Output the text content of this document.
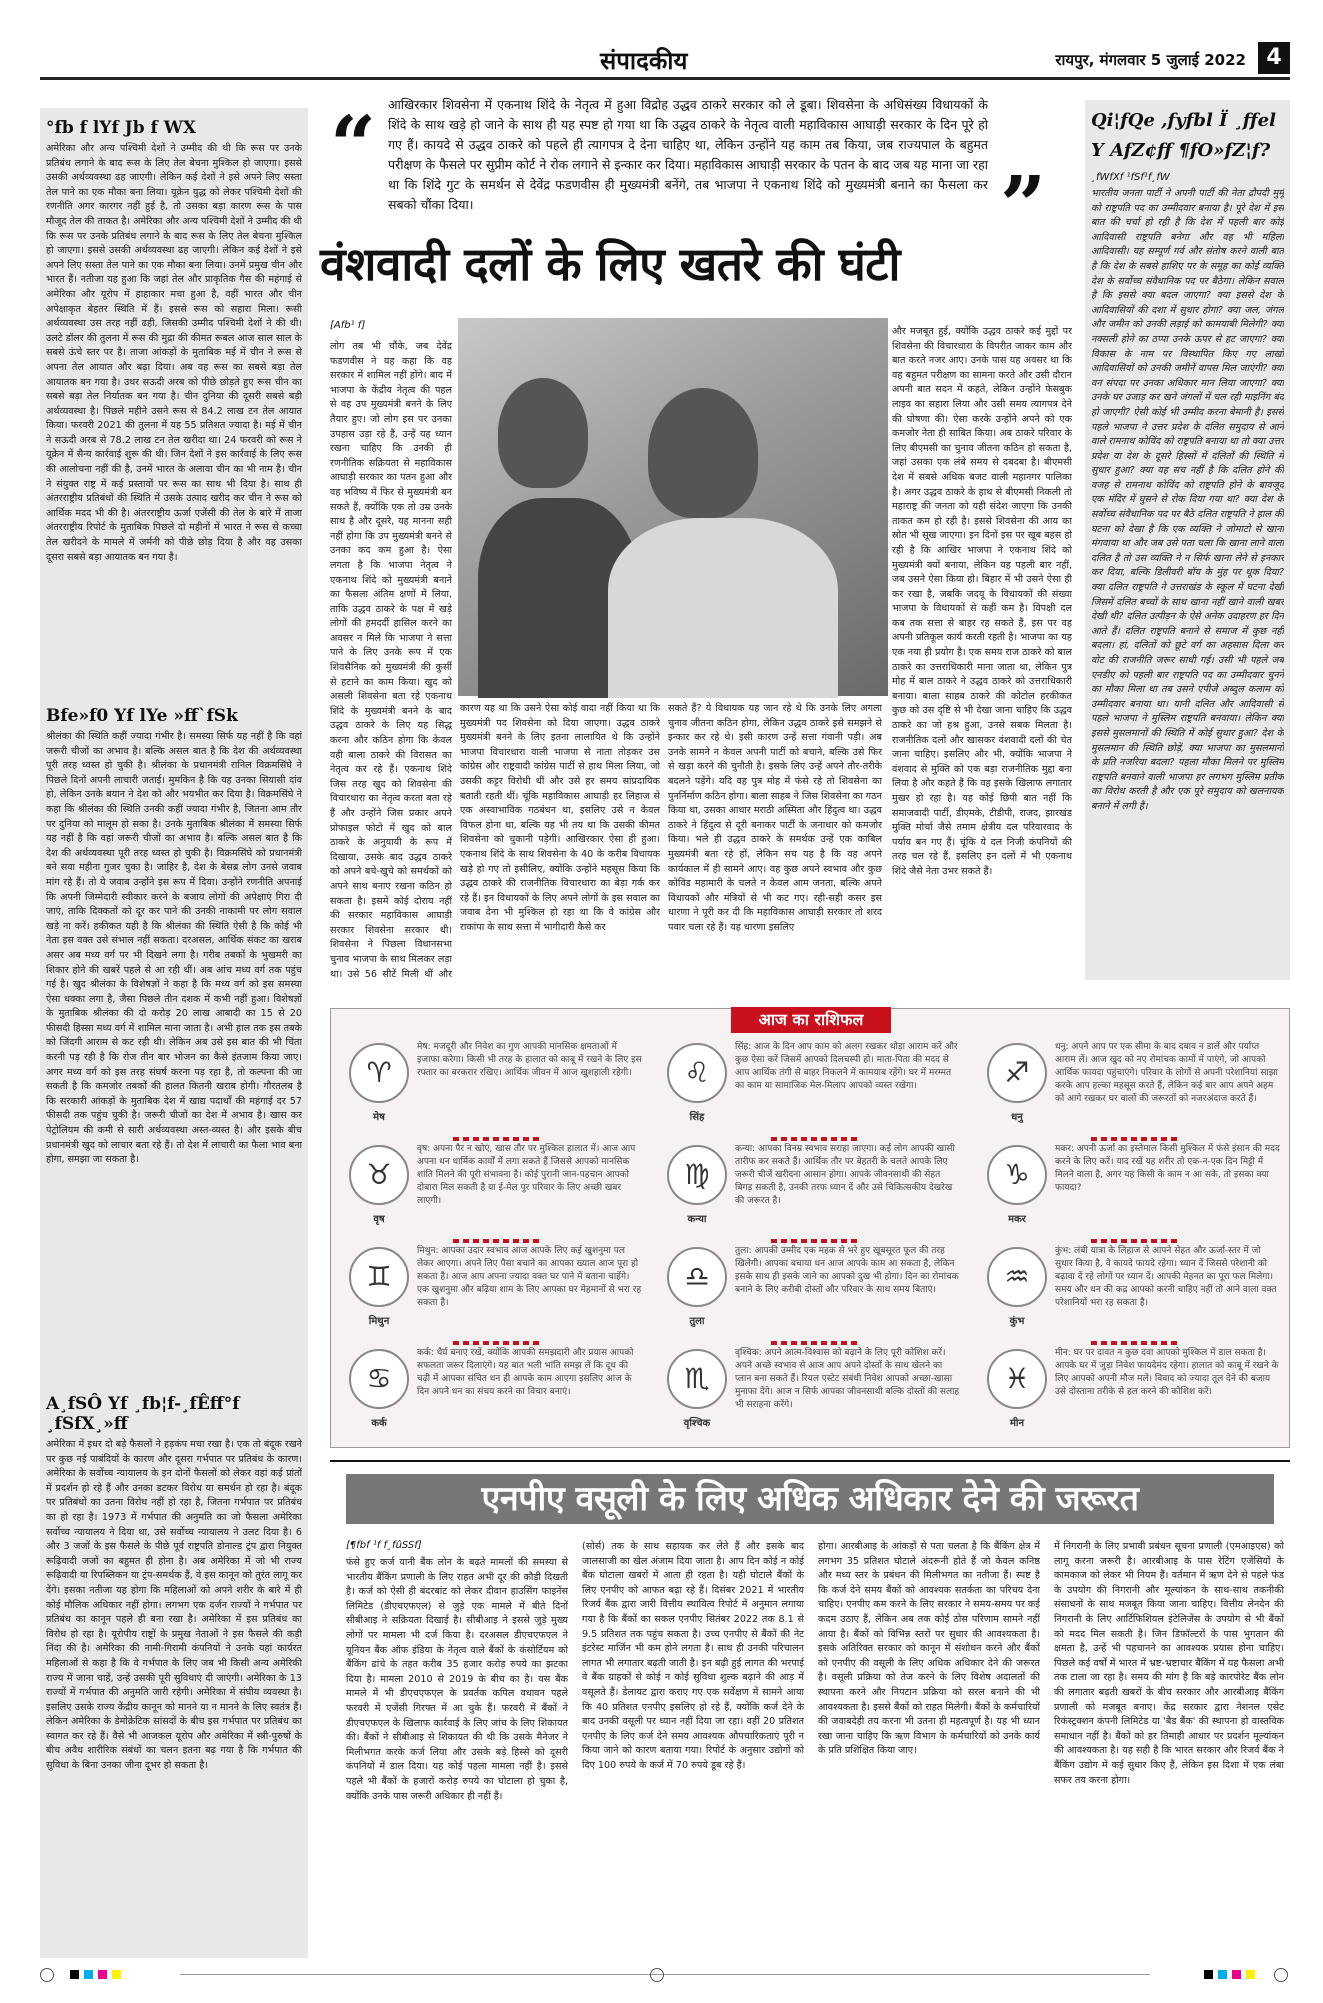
संपादकीय	रायपुर, मंगलवार 5 जुलाई 2022 4
°fb f lYf Jb f WX
अमेरिका और अन्य पश्चिमी देशों ने उम्मीद की थी कि रूस पर उनके प्रतिबंध लगाने के बाद रूस के लिए तेल बेचना मुश्किल हो जाएगा। इससे उसकी अर्थव्यवस्था ढह जाएगी। लेकिन कई देशों ने इसे अपने लिए सस्ता तेल पाने का एक मौका बना लिया। यूक्रेन युद्ध को लेकर पश्चिमी देशों की रणनीति अगर कारगर नहीं हुई है, तो उसका बड़ा कारण रूस के पास मौजूद तेल की ताकत है। अमेरिका और अन्य पश्चिमी देशों ने उम्मीद की थी कि रूस पर उनके प्रतिबंध लगाने के बाद रूस के लिए तेल बेचना मुश्किल हो जाएगा। इससे उसकी अर्थव्यवस्था ढह जाएगी। लेकिन कई देशों ने इसे अपने लिए सस्ता तेल पाने का एक मौका बना लिया। उनमें प्रमुख चीन और भारत हैं। नतीजा यह हुआ कि जहां तेल और प्राकृतिक गैस की महंगाई से अमेरिका और यूरोप में हाहाकार मचा हुआ है, वहीं भारत और चीन अपेक्षाकृत बेहतर स्थिति में हैं। इससे रूस को सहारा मिला। रूसी अर्थव्यवस्था उस तरह नहीं ढही, जिसकी उम्मीद पश्चिमी देशों ने की थी। उलटे डॉलर की तुलना में रूस की मुद्रा की कीमत रूबल आज साल साल के सबसे ऊंचे स्तर पर है। ताजा आंकड़ों के मुताबिक मई में चीन ने रूस से अपना तेल आयात और बढ़ा दिया। अब वह रूस का सबसे बड़ा तेल आयातक बन गया है। उधर सऊदी अरब को पीछे छोड़ते हुए रूस चीन का सबसे बड़ा तेल निर्यातक बन गया है। चीन दुनिया की दूसरी सबसे बड़ी अर्थव्यवस्था है। पिछले महीने उसने रूस से 84.2 लाख टन तेल आयात किया। फरवरी 2021 की तुलना में यह 55 प्रतिशत ज्यादा है। मई में चीन ने सऊदी अरब से 78.2 लाख टन तेल खरीदा था। 24 फरवरी को रूस ने यूक्रेन में सैन्य कार्रवाई शुरू की थी। जिन देशों ने इस कार्रवाई के लिए रूस की आलोचना नहीं की है, उनमें भारत के अलावा चीन का भी नाम है। चीन ने संयुक्त राष्ट्र में कई प्रस्तावों पर रूस का साथ भी दिया है। साथ ही अंतरराष्ट्रीय प्रतिबंधों की स्थिति में उसके उत्पाद खरीद कर चीन ने रूस को आर्थिक मदद भी की है। अंतरराष्ट्रीय ऊर्जा एजेंसी की तेल के बारे में ताजा अंतरराष्ट्रीय रिपोर्ट के मुताबिक पिछले दो महीनों में भारत ने रूस से कच्चा तेल खरीदने के मामले में जर्मनी को पीछे छोड़ दिया है और वह उसका दूसरा सबसे बड़ा आयातक बन गया है।
Bfe»f0 Yf lYe »ff`fSk
श्रीलंका की स्थिति कहीं ज्यादा गंभीर है। समस्या सिर्फ यह नहीं है कि वहां जरूरी चीजों का अभाव है। बल्कि असल बात है कि देश की अर्थव्यवस्था पूरी तरह ध्वस्त हो चुकी है। श्रीलंका के प्रधानमंत्री रानिल विक्रमसिंघे ने पिछले दिनों अपनी लाचारी जताई। मुमकिन है कि यह उनका सियासी दांव हो, लेकिन उनके बयान ने देश को और भयभीत कर दिया है। विक्रमसिंघे ने कहा कि श्रीलंका की स्थिति उनकी कहीं ज्यादा गंभीर है, जितना आम तौर पर दुनिया को मालूम हो सका है। उनके मुताबिक श्रीलंका में समस्या सिर्फ यह नहीं है कि वहां जरूरी चीजों का अभाव है। बल्कि असल बात है कि देश की अर्थव्यवस्था पूरी तरह ध्वस्त हो चुकी है। विक्रमसिंघे को प्रधानमंत्री बने सवा महीना गुजर चुका है। जाहिर है, देश के बेसब्र लोग उनसे जवाब मांग रहे हैं। तो ये जवाब उन्होंने इस रूप में दिया। उन्होंने रणनीति अपनाई कि अपनी जिम्मेदारी स्वीकार करने के बजाय लोगों की अपेक्षाएं गिरा दी जाएं, ताकि दिक्कतों को दूर कर पाने की उनकी नाकामी पर लोग सवाल खड़े ना करें। हकीकत यही है कि श्रीलंका की स्थिति ऐसी है कि कोई भी नेता इस वक्त उसे संभाल नहीं सकता। दरअसल, आर्थिक संकट का खराब असर अब मध्य वर्ग पर भी दिखने लगा है। गरीब तबकों के भुखमरी का शिकार होने की खबरें पहले से आ रही थीं। अब आंच मध्य वर्ग तक पहुंच गई है। खुद श्रीलंका के विशेषज्ञों ने कहा है कि मध्य वर्ग को इस समस्या ऐसा धक्का लगा है, जैसा पिछले तीन दशक में कभी नहीं हुआ। विशेषज्ञों के मुताबिक श्रीलंका की दो करोड़ 20 लाख आबादी का 15 से 20 फीसदी हिस्सा मध्य वर्ग में शामिल माना जाता है। अभी हाल तक इस तबके को जिंदगी आराम से कट रही थी। लेकिन अब उसे इस बात की भी चिंता करनी पड़ रही है कि रोज तीन बार भोजन का कैसे इंतजाम किया जाए। अगर मध्य वर्ग को इस तरह संघर्ष करना पड़ रहा है, तो कल्पना की जा सकती है कि कमजोर तबकों की हालत कितनी खराब होगी। गौरतलब है कि सरकारी आंकड़ों के मुताबिक देश में खाद्य पदार्थों की महंगाई दर 57 फीसदी तक पहुंच चुकी है। जरूरी चीजों का देश में अभाव है। खास कर पेट्रोलियम की कमी से सारी अर्थव्यवस्था अस्त-व्यस्त है। और इसके बीच प्रधानमंत्री खुद को लाचार बता रहे हैं। तो देश में लाचारी का फैला भाव बना होगा, समझा जा सकता है।
A¸fSÔ Yf ¸fb¦f-¸fÊff°f ¸fSfX¸»ff
अमेरिका में इधर दो बड़े फैसलों ने हड़कंप मचा रखा है। एक तो बंदूक रखने पर कुछ नई पाबंदियों के कारण और दूसरा गर्भपात पर प्रतिबंध के कारण। अमेरिका के सर्वोच्च न्यायालय के इन दोनों फैसलों को लेकर वहां कई प्रांतों में प्रदर्शन हो रहे हैं और उनका डटकर विरोध या समर्थन हो रहा है। बंदूक पर प्रतिबंधों का उतना विरोध नहीं हो रहा है, जितना गर्भपात पर प्रतिबंध का हो रहा है। 1973 में गर्भपात की अनुमति का जो फैसला अमेरिका सर्वोच्च न्यायालय ने दिया था, उसे सर्वोच्च न्यायालय ने उलट दिया है। 6 और 3 जजों के इस फैसले के पीछे पूर्व राष्ट्रपति डोनाल्ड ट्रंप द्वारा नियुक्त रूढ़िवादी जजों का बहुमत ही होना है। अब अमेरिका में जो भी राज्य रूढ़िवादी या रिपब्लिकन या ट्रंप-समर्थक हैं, वे इस कानून को तुरंत लागू कर देंगे। इसका नतीजा यह होगा कि महिलाओं को अपने शरीर के बारे में ही कोई मौलिक अधिकार नहीं होगा। लगभग एक दर्जन राज्यों ने गर्भपात पर प्रतिबंध का कानून पहले ही बना रखा है। अमेरिका में इस प्रतिबंध का विरोध हो रहा है। यूरोपीय राष्ट्रों के प्रमुख नेताओं ने इस फैसले की कड़ी निंदा की है। अमेरिका की नामी-गिरामी कंपनियों ने उनके यहां कार्यरत महिलाओं से कहा है कि वे गर्भपात के लिए जब भी किसी अन्य अमेरिकी राज्य में जाना चाहें, उन्हें उसकी पूरी सुविधाएं दी जाएंगी। अमेरिका के 13 राज्यों में गर्भपात की अनुमति जारी रहेगी। अमेरिका में संघीय व्यवस्था है। इसलिए उसके राज्य केंद्रीय कानून को मानने या न मानने के लिए स्वतंत्र हैं। लेकिन अमेरिका के डेमोक्रेटिक सांसदों के बीच इस गर्भपात पर प्रतिबंध का स्वागत कर रहे हैं। वैसे भी आजकल यूरोप और अमेरिका में स्त्री-पुरुषों के बीच अवैध शारीरिक संबंधों का चलन इतना बढ़ गया है कि गर्भपात की सुविधा के बिना उनका जीना दूभर हो सकता है।
“ आखिरकार शिवसेना में एकनाथ शिंदे के नेतृत्व में हुआ विद्रोह उद्धव ठाकरे सरकार को ले डूबा। शिवसेना के अधिसंख्य विधायकों के शिंदे के साथ खड़े हो जाने के साथ ही यह स्पष्ट हो गया था कि उद्धव ठाकरे के नेतृत्व वाली महाविकास आघाड़ी सरकार के दिन पूरे हो गए हैं। कायदे से उद्धव ठाकरे को पहले ही त्यागपत्र दे देना चाहिए था, लेकिन उन्होंने यह काम तब किया, जब राज्यपाल के बहुमत परीक्षण के फैसले पर सुप्रीम कोर्ट ने रोक लगाने से इन्कार कर दिया। महाविकास आघाड़ी सरकार के पतन के बाद जब यह माना जा रहा था कि शिंदे गुट के समर्थन से देवेंद्र फडणवीस ही मुख्यमंत्री बनेंगे, तब भाजपा ने एकनाथ शिंदे को मुख्यमंत्री बनाने का फैसला कर सबको चौंका दिया।	”
वंशवादी दलों के लिए खतरे की घंटी
[Afb¹ f]
लोग तब भी चौंके, जब देवेंद्र फडणवीस ने यह कहा कि वह सरकार में शामिल नहीं होंगे। बाद में भाजपा के केंद्रीय नेतृत्व की पहल से वह उप मुख्यमंत्री बनने के लिए तैयार हुए। जो लोग इस पर उनका उपहास उड़ा रहे हैं, उन्हें यह ध्यान रखना चाहिए कि उनकी ही रणनीतिक सक्रियता से महाविकास आघाड़ी सरकार का पतन हुआ और वह भविष्य में फिर से मुख्यमंत्री बन सकते हैं, क्योंकि एक तो उम्र उनके साथ है और दूसरे, यह मानना सही नहीं होगा कि उप मुख्यमंत्री बनने से उनका कद कम हुआ है। ऐसा लगता है कि भाजपा नेतृत्व ने एकनाथ शिंदे को मुख्यमंत्री बनाने का फैसला अंतिम क्षणों में लिया, ताकि उद्धव ठाकरे के पक्ष में खड़े लोगों की हमदर्दी हासिल करने का अवसर न मिले कि भाजपा ने सत्ता पाने के लिए उनके रूप में एक शिवसैनिक को मुख्यमंत्री की कुर्सी से हटाने का काम किया। खुद को असली शिवसेना बता रहे एकनाथ शिंदे के मुख्यमंत्री बनने के बाद उद्धव ठाकरे के लिए यह सिद्ध करना और कठिन होगा कि केवल वही बाला ठाकरे की विरासत का नेतृत्व कर रहे हैं। एकनाथ शिंदे जिस तरह खुद को शिवसेना की विचारधारा का नेतृत्व करता बता रहे हैं और उन्होंने जिस प्रकार अपने प्रोफाइल फोटो में खुद को बाल ठाकरे के अनुयायी के रूप में दिखाया, उसके बाद उद्धव ठाकरे को अपने बचे-खुचे को समर्थकों को अपने साथ बनाए रखना कठिन हो सकता है। इसमें कोई दोराय नहीं की सरकार महाविकास आघाड़ी सरकार शिवसेना सरकार थी। शिवसेना ने पिछला विधानसभा चुनाव भाजपा के साथ मिलकर लड़ा था। उसे 56 सीटें मिली थीं और
कारण यह था कि उसने ऐसा कोई वादा नहीं किया था कि मुख्यमंत्री पद शिवसेना को दिया जाएगा। उद्धव ठाकरे मुख्यमंत्री बनने के लिए इतना लालायित थे कि उन्होंने भाजपा विचारधारा वाली भाजपा से नाता तोड़कर उस कांग्रेस और राष्ट्रवादी कांग्रेस पार्टी से हाथ मिला लिया, जो उसकी कट्टर विरोधी थीं और उसे हर समय सांप्रदायिक बताती रहती थीं। चूंकि महाविकास आघाड़ी हर लिहाज से एक अस्वाभाविक गठबंधन था, इसलिए उसे न केवल विफल होना था, बल्कि यह भी तय था कि उसकी कीमत शिवसेना को चुकानी पड़ेगी। आखिरकार ऐसा ही हुआ। एकनाथ शिंदे के साथ शिवसेना के 40 के करीब विधायक खड़े हो गए तो इसीलिए, क्योंकि उन्होंने महसूस किया कि उद्धव ठाकरे की राजनीतिक विचारधारा का बेड़ा गर्क कर रहे हैं। इन विधायकों के लिए अपने लोगों के इस सवाल का जवाब देना भी मुश्किल हो रहा था कि वे कांग्रेस और राकांपा के साथ सत्ता में भागीदारी कैसे कर
सकते हैं? ये विधायक यह जान रहे थे कि उनके लिए अगला चुनाव जीतना कठिन होगा, लेकिन उद्धव ठाकरे इसे समझने से इन्कार कर रहे थे। इसी कारण उन्हें सत्ता गंवानी पड़ी। अब उनके सामने न केवल अपनी पार्टी को बचाने, बल्कि उसे फिर से खड़ा करने की चुनौती है। इसके लिए उन्हें अपने तौर-तरीके बदलने पड़ेंगे। यदि वह पुत्र मोह में फंसे रहे तो शिवसेना का पुनर्निर्माण कठिन होगा। बाला साहब ने जिस शिवसेना का गठन किया था, उसका आधार मराठी अस्मिता और हिंदुत्व था। उद्धव ठाकरे ने हिंदुत्व से दूरी बनाकर पार्टी के जनाधार को कमजोर किया। भले ही उद्धव ठाकरे के समर्थक उन्हें एक काबिल मुख्यमंत्री बता रहे हों, लेकिन सच यह है कि वह अपने कार्यकाल में ही सामने आए। वह कुछ अपने स्वभाव और कुछ कोविड महामारी के चलते न केवल आम जनता, बल्कि अपने विधायकों और मंत्रियों से भी कट गए। रही-सही कसर इस धारणा ने पूरी कर दी कि महाविकास आघाड़ी सरकार तो शरद पवार चला रहे हैं। यह धारणा इसलिए
और मजबूत हुई, क्योंकि उद्धव ठाकरे कई मुद्दों पर शिवसेना की विचारधारा के विपरीत जाकर काम और बात करते नजर आए। उनके पास यह अवसर था कि वह बहुमत परीक्षण का सामना करते और उसी दौरान अपनी बात सदन में कहते, लेकिन उन्होंने फेसबुक लाइव का सहारा लिया और उसी समय त्यागपत्र देने की घोषणा की। ऐसा करके उन्होंने अपने को एक कमजोर नेता ही साबित किया। अब ठाकरे परिवार के लिए बीएमसी का चुनाव जीतना कठिन हो सकता है, जहां उसका एक लंबे समय से दबदबा है। बीएमसी देश में सबसे अधिक बजट वाली महानगर पालिका है। अगर उद्धव ठाकरे के हाथ से बीएमसी निकली तो महाराष्ट्र की जनता को यही संदेश जाएगा कि उनकी ताकत कम हो रही है। इससे शिवसेना की आय का स्रोत भी सूख जाएगा। इन दिनों इस पर खूब बहस हो रही है कि आखिर भाजपा ने एकनाथ शिंदे को मुख्यमंत्री क्यों बनाया, लेकिन यह पहली बार नहीं, जब उसने ऐसा किया हो। बिहार में भी उसने ऐसा ही कर रखा है, जबकि जदयू के विधायकों की संख्या भाजपा के विधायकों से कहीं कम है। विपक्षी दल कब तक सत्ता से बाहर रह सकते हैं, इस पर वह अपनी प्रतिकूल कार्य करती रहती है। भाजपा का यह एक नया ही प्रयोग है। एक समय राज ठाकरे को बाल ठाकरे का उत्तराधिकारी माना जाता था, लेकिन पुत्र मोह में बाल ठाकरे ने उद्धव ठाकरे को उत्तराधिकारी बनाया। बाला साहब ठाकरे की कोटोल हरकीकत कुछ को उस दृष्टि से भी देखा जाना चाहिए कि उद्धव ठाकरे का जो हश्र हुआ, उनसे सबक मिलता है। राजनीतिक दलों और खासकर वंशवादी दलों की चेत जाना चाहिए। इसलिए और भी, क्योंकि भाजपा ने वंशवाद से मुक्ति को एक बड़ा राजनीतिक मुद्दा बना लिया है और कहते हैं कि वह इसके खिलाफ लगातार मुखर हो रहा है। यह कोई छिपी बात नहीं कि समाजवादी पार्टी, डीएमके, टीडीपी, राजद, झारखंड मुक्ति मोर्चा जैसे तमाम क्षेत्रीय दल परिवारवाद के पर्याय बन गए हैं। चूंकि ये दल निजी कंपनियों की तरह चल रहे हैं, इसलिए इन दलों में भी एकनाथ शिंदे जैसे नेता उभर सकते हैं।
Qi¦fQe ,fyfbl Ï ¸ffel Y AfZ¢ff ¶fO»fZ¦f?
¸fWfXf ¹fSf¹f¸fW
भारतीय जनता पार्टी ने अपनी पार्टी की नेता द्रौपदी मुर्मू को राष्ट्रपति पद का उम्मीदवार बनाया है। पूरे देश में इस बात की चर्चा हो रही है कि देश में पहली बार कोई आदिवासी राष्ट्रपति बनेगा और वह भी महिला आदिवासी। यह सम्पूर्ण गर्व और संतोष करने वाली बात है कि देश के सबसे हाशिए पर के समूह का कोई व्यक्ति देश के सर्वोच्च संवैधानिक पद पर बैठेगा। लेकिन सवाल है कि इससे क्या बदल जाएगा? क्या इससे देश के आदिवासियों की दशा में सुधार होगा? क्या जल, जंगल और जमीन को उनकी लड़ाई को कामयाबी मिलेगी? क्या नक्सली होने का ठप्पा उनके ऊपर से हट जाएगा? क्या विकास के नाम पर विस्थापित किए गए लाखों आदिवासियों को उनकी जमीनें वापस मिल जाएंगी? क्या वन संपदा पर उनका अधिकार मान लिया जाएगा? क्या उनके घर उजाड़ कर खने जंगलों में चल रही माइनिंग बंद हो जाएगी? ऐसी कोई भी उम्मीद करना बेमानी है। इससे पहले भाजपा ने उत्तर प्रदेश के दलित समुदाय से आने वाले रामनाथ कोविंद को राष्ट्रपति बनाया था तो क्या उत्तर प्रदेश या देश के दूसरे हिस्सों में दलितों की स्थिति में सुधार हुआ? क्या यह सच नहीं है कि दलित होने की वजह से रामनाथ कोविंद को राष्ट्रपति होने के बावजूद एक मंदिर में घुसने से रोक दिया गया था? क्या देश के सर्वोच्च संवैधानिक पद पर बैठे दलित राष्ट्रपति ने हाल की घटना को देखा है कि एक व्यक्ति ने जोमाटो से खाना मंगवाया था और जब उसे पता चला कि खाना लाने वाला दलित है तो उस व्यक्ति ने न सिर्फ खाना लेने से इनकार कर दिया, बल्कि डिलीवरी बॉय के मुंह पर थूक दिया? क्या दलित राष्ट्रपति ने उत्तराखंड के स्कूल में घटना देखी जिसमें दलित बच्चों के साथ खाना नहीं खाने वाली खबर देखी थी? दलित उत्पीड़न के ऐसे अनेक उदाहरण हर दिन आते हैं। दलित राष्ट्रपति बनाने से समाज में कुछ नहीं बदला। हां, दलितों को छूटे वर्ग का अहसास दिला कर वोट की राजनीति जरूर साधी गई। उसी भी पहले जब एनडीए को पहली बार राष्ट्रपति पद का उम्मीदवार चुनने का मौका मिला था तब उसने एपीजे अब्दुल कलाम को उम्मीदवार बनाया था। यानी दलित और आदिवासी से पहले भाजपा ने मुस्लिम राष्ट्रपति बनवाया। लेकिन क्या इससे मुसलमानों की स्थिति में कोई सुधार हुआ? देश के मुसलमान की स्थिति छोड़ें, क्या भाजपा का मुसलमानों के प्रति नजरिया बदला? पहला मौका मिलने पर मुस्लिम राष्ट्रपति बनवाने वाली भाजपा हर लगभग मुस्लिम प्रतीक का विरोध करती है और एक पूरे समुदाय को खलनायक बनाने में लगी है।
आज का राशिफल
♈
मेष
मेष: मजदूरी और निवेश का गुण आपकी मानसिक क्षमताओं में इजाफा करेगा। किसी भी तरह के हालात को काबू में रखने के लिए इस रफ्तार का बरकरार रखिए। आर्थिक जीवन में आज खुशहाली रहेगी।	♌
सिंह
सिंह: आज के दिन आप काम को अलग रखकर थोड़ा आराम करें और कुछ ऐसा करें जिसमें आपको दिलचस्पी हो। माता-पिता की मदद से आप आर्थिक तंगी से बाहर निकलने में कामयाब रहेंगे। घर में मरम्मत का काम या सामाजिक मेल-मिलाप आपको व्यस्त रखेगा।	♐
धनु
धनु: अपने आप पर एक सीमा के बाद दबाव न डालें और पर्याप्त आराम लें। आज खुद को नए रोमांचक कामों में पाएंगे, जो आपको आर्थिक फायदा पहुंचाएंगे। परिवार के लोगों से अपनी परेशानियां साझा करके आप हल्का महसूस करते हैं, लेकिन कई बार आप अपने अहम को आगे रखकर घर वालों की जरूरतों को नजरअंदाज करते हैं।
♉
वृष
वृष: अपना पैर न खोएं, खास तौर पर मुश्किल हालात में। आज आप अपना धन धार्मिक कार्यों में लगा सकते हैं जिससे आपको मानसिक शांति मिलने की पूरी संभावना है। कोई पुरानी जान-पहचान आपको दोबारा मिल सकती है या ई-मेल पुर परिवार के लिए अच्छी खबर लाएगी।
♍
कन्या
कन्या: आपका विनम्र स्वभाव सराहा जाएगा। कई लोग आपकी खासी तारीफ कर सकते हैं। आर्थिक तौर पर बेहतरी के चलते आपके लिए जरूरी चीजें खरीदना आसान होगा। आपके जीवनसाथी की सेहत बिगड़ सकती है, उनकी तरफ ध्यान दें और उसे चिकित्सकीय देखरेख की जरूरत है।
♑
मकर
मकर: अपनी ऊर्जा का इस्तेमाल किसी मुश्किल में फंसे इंसान की मदद करने के लिए करें। याद रखें यह शरीर तो एक-न-एक दिन मिट्टी में मिलने वाला है, अगर यह किसी के काम न आ सके, तो इसका क्या फायदा?
♊
मिथुन
मिथुन: आपका उदार स्वभाव आज आपके लिए कई खुशनुमा पल लेकर आएगा। अपने लिए पैसा बचाने का आपका ख्याल आज पूरा हो सकता है। आज आप अपना ज्यादा वक्त घर पाने में बताना चाहेंगे। एक खुशनुमा और बढ़िया शाम के लिए आपका घर मेहमानों से भरा रह सकता है।
♎
तुला
तुला: आपकी उम्मीद एक महक से भरे हुए खूबसूरत फूल की तरह खिलेगी। आपका बचाया धन आज आपके काम आ सकता है, लेकिन इसके साथ ही इसके जाने का आपको दुख भी होगा। दिन का रोमांचक बनाने के लिए करीबी दोस्तों और परिवार के साथ समय बिताएं।	♒
कुंभ
कुंभ: लंबी यात्रा के लिहाज से आपने सेहत और ऊर्जा-स्तर में जो सुधार किया है, वे कायदे फायदे रहेगा। ध्यान दें जिससे परेशानी को बढ़ावा दें रहे लोगों पर ध्यान दें। आपकी मेहनत का पूरा फल मिलेगा। समय और धन की कद्र आपको करनी चाहिए नहीं तो आने वाला वक्त परेशानियों भरा रह सकता है।
♋
कर्क
कर्क: धैर्य बनाए रखें, क्योंकि आपकी समझदारी और प्रयास आपको सफलता जरूर दिलाएंगे। यह बात भली भांति समझ लें कि दूध की चढ़ी में आपका संचित धन ही आपके काम आएगा इसलिए आज के दिन अपने धन का संचय करने का विचार बनाएं।	♏
वृश्चिक
वृश्चिक: अपने आत्म-विश्वास को बढ़ाने के लिए पूरी कोशिश करें। अपने अच्छे स्वभाव से आज आप अपने दोस्तों के साथ खेलने का प्लान बना सकते हैं। रियल एस्टेट संबंधी निवेश आपको अच्छा-खासा मुनाफा देंगे। आज न सिर्फ आपका जीवनसाथी बल्कि दोस्तों की सलाह भी सराहना करेंगे।
♓
मीन
मीन: घर पर दावत न कुछ दवा आपको मुश्किल में डाल सकता है। आपके घर में जुड़ा निवेश फायदेमंद रहेगा। हालात को काबू में रखने के लिए आपको अपनी मौज मलें। विवाद को ज्यादा तूल देने की बजाय उसे दोस्ताना तरीके से हल करने की कोशिश करें।
एनपीए वसूली के लिए अधिक अधिकार देने की जरूरत
[¶fbf ¹f f¸fûSSf]
फंसे हुए कर्ज यानी बैंक लोन के बढ़ते मामलों की समस्या से भारतीय बैंकिंग प्रणाली के लिए राहत अभी दूर की कौड़ी दिखती है। कर्ज को ऐसी ही बंदरबांट को लेकर दीवान हाउसिंग फाइनेंस लिमिटेड (डीएचएफएल) से जुड़े एक मामले में बीते दिनों सीबीआइ ने सक्रियता दिखाई है। सीबीआइ ने इससे जुड़े मुख्य लोगों पर मामला भी दर्ज किया है। दरअसल डीएचएफएल ने यूनियन बैंक ऑफ इंडिया के नेतृत्व वाले बैंकों के कंसोर्टियम को बैंकिंग ढांचे के तहत करीब 35 हजार करोड़ रुपये का झटका दिया है। मामला 2010 से 2019 के बीच का है। यस बैंक मामले में भी डीएचएफएल के प्रवर्तक कपिल वधावन पहले फरवरी में एजेंसी गिरफ्त में आ चुके हैं। फरवरी में बैंकों ने डीएचएफएल के खिलाफ कार्रवाई के लिए जांच के लिए शिकायत की। बैंकों ने सीबीआइ से शिकायत की थी कि उसके मैनेजर ने मिलीभगत करके कर्ज लिया और उसके बड़े हिस्से को दूसरी कंपनियों में डाल दिया। यह कोई पहला मामला नहीं है। इससे पहले भी बैंकों के हजारों करोड़ रुपये का घोटाला हो चुका है, क्योंकि उनके पास जरूरी अधिकार ही नहीं हैं।
(सोर्स) तक के साथ सहायक कर लेते हैं और इसके बाद जालसाजी का खेल अंजाम दिया जाता है। आप दिन कोई न कोई बैंक घोटाला खबरों में आता ही रहता है। यही घोटाले बैंकों के लिए एनपीए को आफत बढ़ा रहे हैं। दिसंबर 2021 में भारतीय रिजर्व बैंक द्वारा जारी वित्तीय स्थायित्व रिपोर्ट में अनुमान लगाया गया है कि बैंकों का सकल एनपीए सितंबर 2022 तक 8.1 से 9.5 प्रतिशत तक पहुंच सकता है। उच्च एनपीए से बैंकों की नेट इंटरेस्ट मार्जिन भी कम होने लगता है। साथ ही उनकी परिचालन लागत भी लगातार बढ़ती जाती है। इन बढ़ी हुई लागत की भरपाई वे बैंक ग्राहकों से कोई न कोई सुविधा शुल्क बढ़ाने की आड़ में वसूलते हैं। डेलायट द्वारा कराए गए एक सर्वेक्षण में सामने आया कि 40 प्रतिशत एनपीए इसलिए हो रहे हैं, क्योंकि कर्ज देने के बाद उनकी वसूली पर ध्यान नहीं दिया जा रहा। वहीं 20 प्रतिशत एनपीए के लिए कर्ज देने समय आवश्यक औपचारिकताएं पूरी न किया जाने को कारण बताया गया। रिपोर्ट के अनुसार उद्योगों को दिए 100 रुपये के कर्ज में 70 रुपये डूब रहे हैं।
होगा। आरबीआइ के आंकड़ों से पता चलता है कि बैंकिंग क्षेत्र में लगभग 35 प्रतिशत घोटाले अंदरूनी होते हैं जो केवल कनिष्ठ और मध्य स्तर के प्रबंधन की मिलीभगत का नतीजा हैं। स्पष्ट है कि कर्ज देने समय बैंकों को आवश्यक सतर्कता का परिचय देना चाहिए। एनपीए कम करने के लिए सरकार ने समय-समय पर कई कदम उठाए हैं, लेकिन अब तक कोई ठोस परिणाम सामने नहीं आया है। बैंकों को विभिन्न स्तरों पर सुधार की आवश्यकता है। इसके अतिरिक्त सरकार को कानून में संशोधन करने और बैंकों को एनपीए की वसूली के लिए अधिक अधिकार देने की जरूरत है। वसूली प्रक्रिया को तेज करने के लिए विशेष अदालतों की स्थापना करने और निपटान प्रक्रिया को सरल बनाने की भी आवश्यकता है। इससे बैंकों को राहत मिलेगी। बैंकों के कर्मचारियों की जवाबदेही तय करना भी उतना ही महत्वपूर्ण है। यह भी ध्यान रखा जाना चाहिए कि ऋण विभाग के कर्मचारियों को उनके कार्य के प्रति प्रशिक्षित किया जाए।
में निगरानी के लिए प्रभावी प्रबंधन सूचना प्रणाली (एमआइएस) को लागू करना जरूरी है। आरबीआइ के पास रेटिंग एजेंसियों के कामकाज को लेकर भी नियम हैं। वर्तमान में ऋण देने से पहले फंड के उपयोग की निगरानी और मूल्यांकन के साथ-साथ तकनीकी संसाधनों के साथ मजबूत किया जाना चाहिए। वित्तीय लेनदेन की निगरानी के लिए आर्टिफिशियल इंटेलिजेंस के उपयोग से भी बैंकों को मदद मिल सकती है। जिन डिफॉल्टरों के पास भुगतान की क्षमता है, उन्हें भी पहचानने का आवश्यक प्रयास होना चाहिए। पिछले कई वर्षों में भारत में भ्रष्ट-भ्रष्टाचार बैंकिंग में यह फैसला अभी तक टाला जा रहा है। समय की मांग है कि बड़े कारपोरेट बैंक लोन की लगातार बढ़ती खबरों के बीच सरकार और आरबीआइ बैंकिंग प्रणाली को मजबूत बनाए। केंद्र सरकार द्वारा नेशनल एसेट रिकंस्ट्रक्शन कंपनी लिमिटेड या 'बैड बैंक' की स्थापना हो वास्तविक समाधान नहीं है। बैंकों को हर तिमाही आधार पर प्रदर्शन मूल्यांकन की आवश्यकता है। यह सही है कि भारत सरकार और रिजर्व बैंक ने बैंकिंग उद्योग में कई सुधार किए हैं, लेकिन इस दिशा में एक लंबा सफर तय करना होगा।
